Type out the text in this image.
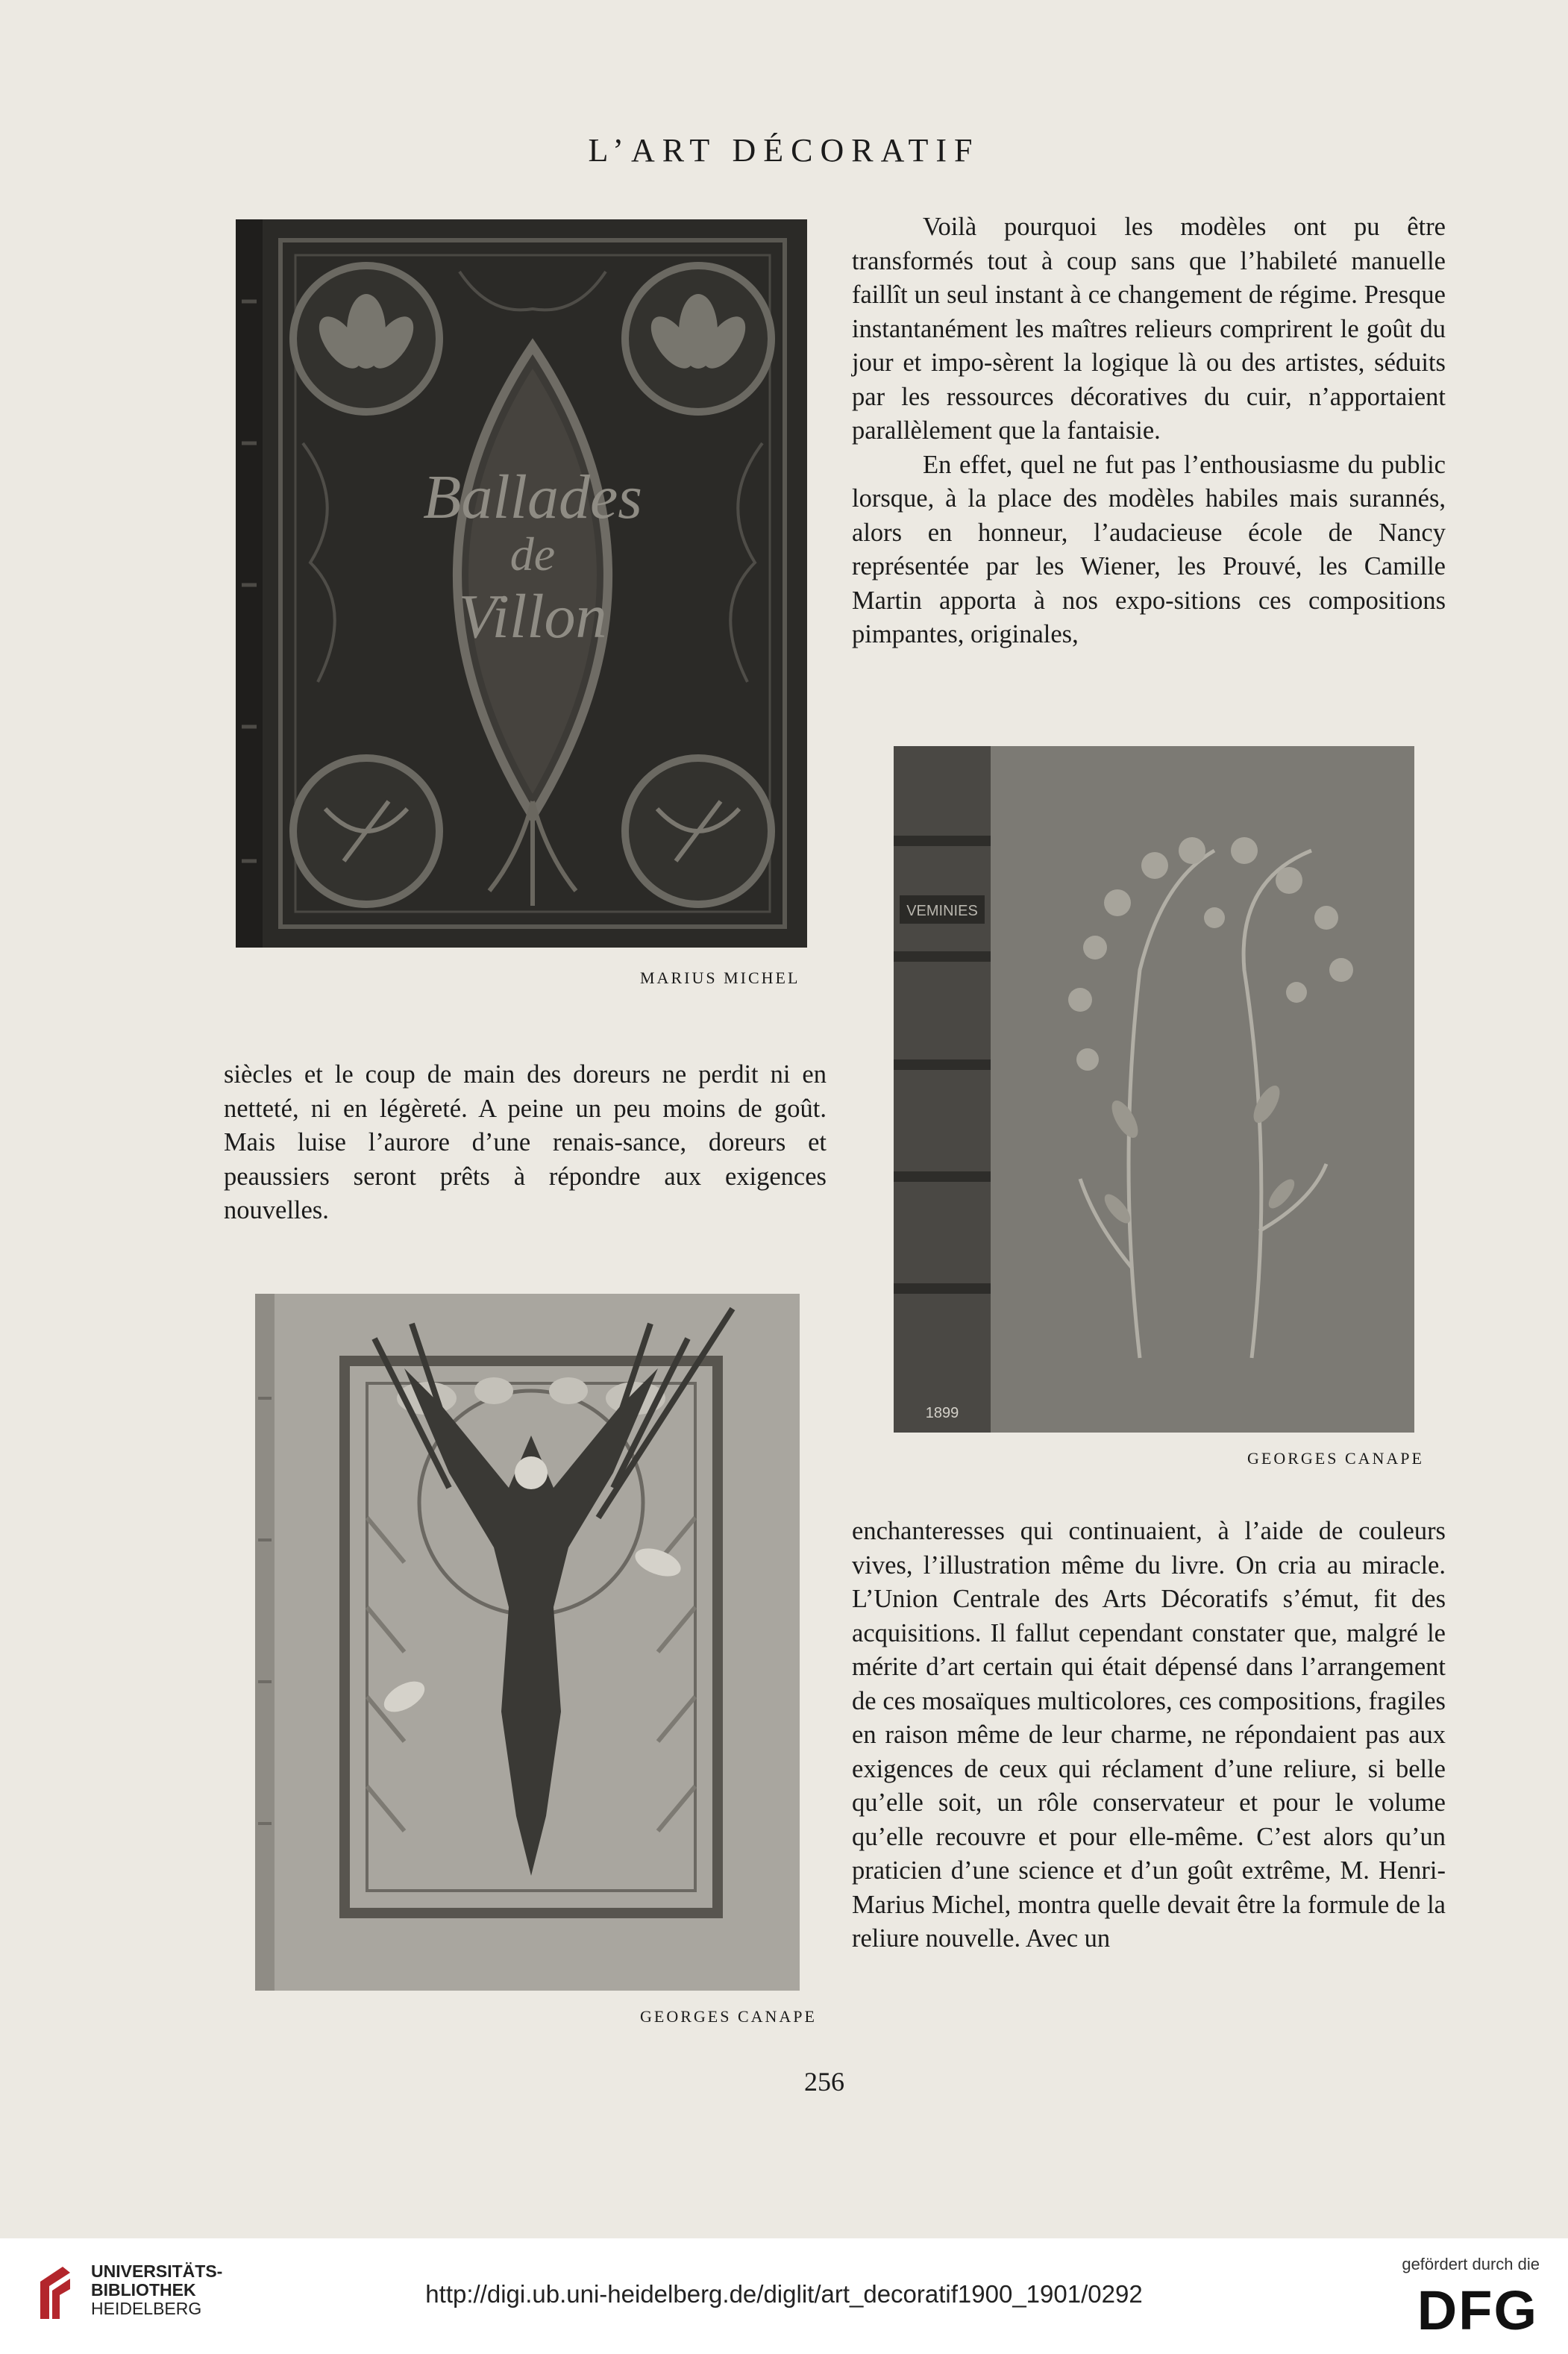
L’ART DÉCORATIF
Ballades
de
Villon
MARIUS MICHEL

Voilà pourquoi les modèles ont pu être transformés tout à coup sans que l’habileté manuelle faillît un seul instant à ce changement de régime. Presque instantanément les maîtres relieurs comprirent le goût du jour et impo-sèrent la logique là ou des artistes, séduits par les ressources décoratives du cuir, n’apportaient parallèlement que la fantaisie.

En effet, quel ne fut pas l’enthousiasme du public lorsque, à la place des modèles habiles mais surannés, alors en honneur, l’audacieuse école de Nancy représentée par les Wiener, les Prouvé, les Camille Martin apporta à nos expo-sitions ces compositions pimpantes, originales,

VEMINIES
1899
GEORGES CANAPE

siècles et le coup de main des doreurs ne perdit ni en netteté, ni en légèreté. A peine un peu moins de goût. Mais luise l’aurore d’une renais-sance, doreurs et peaussiers seront prêts à répondre aux exigences nouvelles.

GEORGES CANAPE

enchanteresses qui continuaient, à l’aide de couleurs vives, l’illustration même du livre. On cria au miracle. L’Union Centrale des Arts Décoratifs s’émut, fit des acquisitions. Il fallut cependant constater que, malgré le mérite d’art certain qui était dépensé dans l’arrangement de ces mosaïques multicolores, ces compositions, fragiles en raison même de leur charme, ne répondaient pas aux exigences de ceux qui réclament d’une reliure, si belle qu’elle soit, un rôle conservateur et pour le volume qu’elle recouvre et pour elle-même. C’est alors qu’un praticien d’une science et d’un goût extrême, M. Henri-Marius Michel, montra quelle devait être la formule de la reliure nouvelle. Avec un

256
UNIVERSITÄTS-
BIBLIOTHEK
HEIDELBERG
http://digi.ub.uni-heidelberg.de/diglit/art_decoratif1900_1901/0292
gefördert durch die
DFG
